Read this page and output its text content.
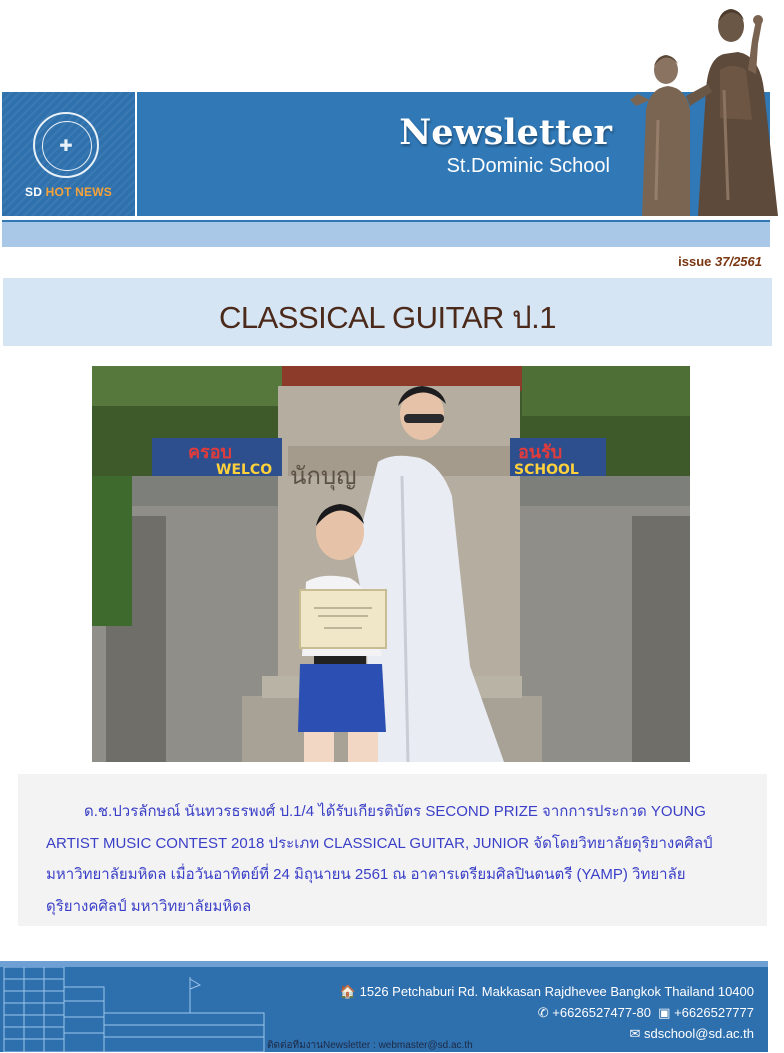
✚
SD HOT NEWS
Newsletter
St.Dominic School
issue 37/2561
CLASSICAL GUITAR ป.1
นักบุญ
ครอบ
WELCO
อนรับ
SCHOOL

ด.ช.ปวรลักษณ์ นันทวรธรพงศ์ ป.1/4 ได้รับเกียรติบัตร SECOND PRIZE จากการประกวด YOUNG ARTIST MUSIC CONTEST 2018 ประเภท CLASSICAL GUITAR, JUNIOR จัดโดยวิทยาลัยดุริยางคศิลป์ มหาวิทยาลัยมหิดล เมื่อวันอาทิตย์ที่ 24 มิถุนายน 2561 ณ อาคารเตรียมศิลปินดนตรี (YAMP) วิทยาลัยดุริยางคศิลป์ มหาวิทยาลัยมหิดล

🏠 1526 Petchaburi Rd. Makkasan Rajdhevee Bangkok Thailand 10400
✆ +6626527477-80 ▣ +6626527777
✉ sdschool@sd.ac.th
ติดต่อทีมงานNewsletter : webmaster@sd.ac.th
